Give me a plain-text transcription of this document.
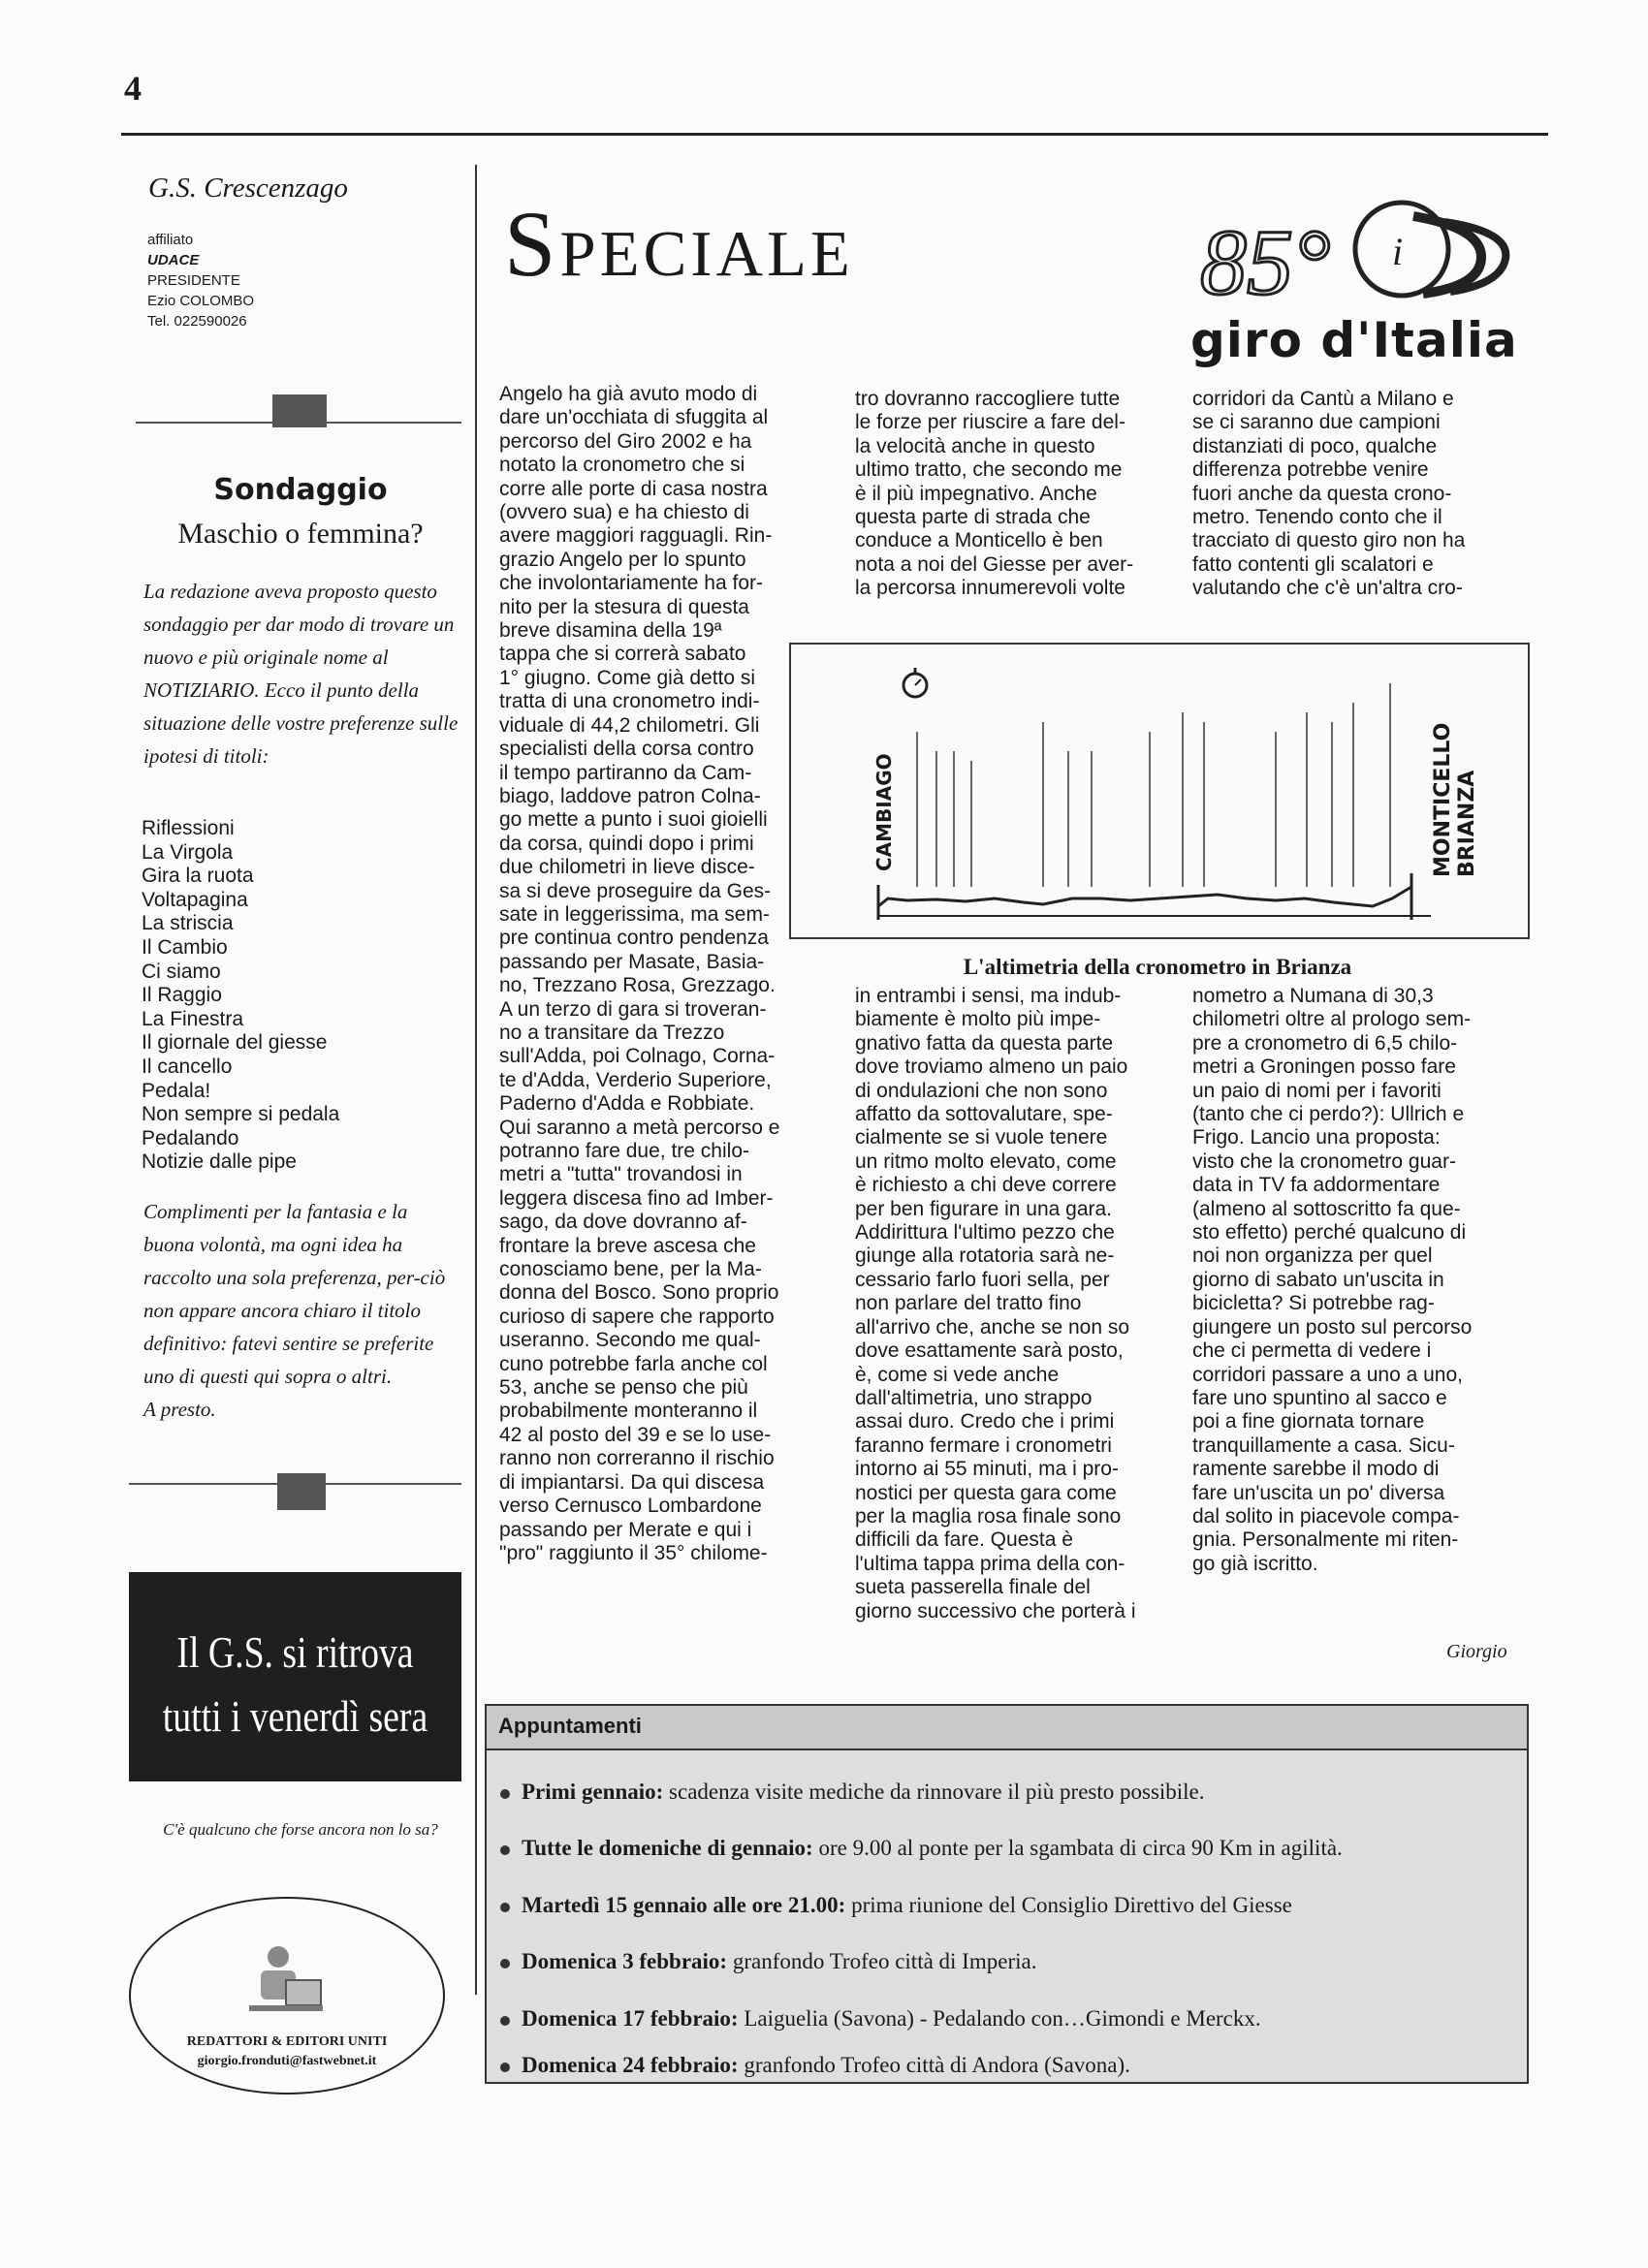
4
G.S. Crescenzago
affiliato
UDACE
PRESIDENTE
Ezio COLOMBO
Tel. 022590026
Sondaggio
Maschio o femmina?
La redazione aveva proposto questo sondaggio per dar modo di trovare un nuovo e più originale nome al NOTIZIARIO. Ecco il punto della situazione delle vostre preferenze sulle ipotesi di titoli:
Riflessioni
La Virgola
Gira la ruota
Voltapagina
La striscia
Il Cambio
Ci siamo
Il Raggio
La Finestra
Il giornale del giesse
Il cancello
Pedala!
Non sempre si pedala
Pedalando
Notizie dalle pipe
Complimenti per la fantasia e la buona volontà, ma ogni idea ha raccolto una sola preferenza, per-ciò non appare ancora chiaro il titolo definitivo: fatevi sentire se preferite uno di questi qui sopra o altri.
A presto.
Il G.S. si ritrova
tutti i venerdì sera
C'è qualcuno che forse ancora non lo sa?
REDATTORI & EDITORI UNITI
giorgio.fronduti@fastwebnet.it
Speciale	85° i
giro d'Italia
Angelo ha già avuto modo di
dare un'occhiata di sfuggita al
percorso del Giro 2002 e ha
notato la cronometro che si
corre alle porte di casa nostra
(ovvero sua) e ha chiesto di
avere maggiori ragguagli. Rin-
grazio Angelo per lo spunto
che involontariamente ha for-
nito per la stesura di questa
breve disamina della 19ª
tappa che si correrà sabato
1° giugno. Come già detto si
tratta di una cronometro indi-
viduale di 44,2 chilometri. Gli
specialisti della corsa contro
il tempo partiranno da Cam-
biago, laddove patron Colna-
go mette a punto i suoi gioielli
da corsa, quindi dopo i primi
due chilometri in lieve disce-
sa si deve proseguire da Ges-
sate in leggerissima, ma sem-
pre continua contro pendenza
passando per Masate, Basia-
no, Trezzano Rosa, Grezzago.
A un terzo di gara si troveran-
no a transitare da Trezzo
sull'Adda, poi Colnago, Corna-
te d'Adda, Verderio Superiore,
Paderno d'Adda e Robbiate.
Qui saranno a metà percorso e
potranno fare due, tre chilo-
metri a "tutta" trovandosi in
leggera discesa fino ad Imber-
sago, da dove dovranno af-
frontare la breve ascesa che
conosciamo bene, per la Ma-
donna del Bosco. Sono proprio
curioso di sapere che rapporto
useranno. Secondo me qual-
cuno potrebbe farla anche col
53, anche se penso che più
probabilmente monteranno il
42 al posto del 39 e se lo use-
ranno non correranno il rischio
di impiantarsi. Da qui discesa
verso Cernusco Lombardone
passando per Merate e qui i
"pro" raggiunto il 35° chilome-
tro dovranno raccogliere tutte
le forze per riuscire a fare del-
la velocità anche in questo
ultimo tratto, che secondo me
è il più impegnativo. Anche
questa parte di strada che
conduce a Monticello è ben
nota a noi del Giesse per aver-
la percorsa innumerevoli volte
corridori da Cantù a Milano e
se ci saranno due campioni
distanziati di poco, qualche
differenza potrebbe venire
fuori anche da questa crono-
metro. Tenendo conto che il
tracciato di questo giro non ha
fatto contenti gli scalatori e
valutando che c'è un'altra cro-
in entrambi i sensi, ma indub-
biamente è molto più impe-
gnativo fatta da questa parte
dove troviamo almeno un paio
di ondulazioni che non sono
affatto da sottovalutare, spe-
cialmente se si vuole tenere
un ritmo molto elevato, come
è richiesto a chi deve correre
per ben figurare in una gara.
Addirittura l'ultimo pezzo che
giunge alla rotatoria sarà ne-
cessario farlo fuori sella, per
non parlare del tratto fino
all'arrivo che, anche se non so
dove esattamente sarà posto,
è, come si vede anche
dall'altimetria, uno strappo
assai duro. Credo che i primi
faranno fermare i cronometri
intorno ai 55 minuti, ma i pro-
nostici per questa gara come
per la maglia rosa finale sono
difficili da fare. Questa è
l'ultima tappa prima della con-
sueta passerella finale del
giorno successivo che porterà i
nometro a Numana di 30,3
chilometri oltre al prologo sem-
pre a cronometro di 6,5 chilo-
metri a Groningen posso fare
un paio di nomi per i favoriti
(tanto che ci perdo?): Ullrich e
Frigo. Lancio una proposta:
visto che la cronometro guar-
data in TV fa addormentare
(almeno al sottoscritto fa que-
sto effetto) perché qualcuno di
noi non organizza per quel
giorno di sabato un'uscita in
bicicletta? Si potrebbe rag-
giungere un posto sul percorso
che ci permetta di vedere i
corridori passare a uno a uno,
fare uno spuntino al sacco e
poi a fine giornata tornare
tranquillamente a casa. Sicu-
ramente sarebbe il modo di
fare un'uscita un po' diversa
dal solito in piacevole compa-
gnia. Personalmente mi riten-
go già iscritto.
CAMBIAGO	MONTICELLO BRIANZA
L'altimetria della cronometro in Brianza
Giorgio
Appuntamenti
Primi gennaio: scadenza visite mediche da rinnovare il più presto possibile.
Tutte le domeniche di gennaio: ore 9.00 al ponte per la sgambata di circa 90 Km in agilità.
Martedì 15 gennaio alle ore 21.00: prima riunione del Consiglio Direttivo del Giesse
Domenica 3 febbraio: granfondo Trofeo città di Imperia.
Domenica 17 febbraio: Laiguelia (Savona) - Pedalando con…Gimondi e Merckx.
Domenica 24 febbraio: granfondo Trofeo città di Andora (Savona).
